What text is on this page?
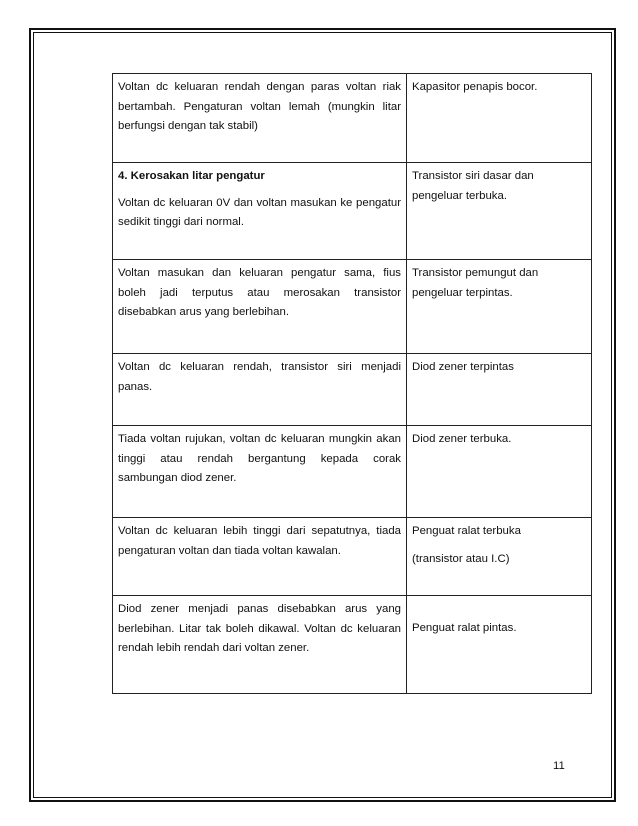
Voltan dc keluaran rendah dengan paras voltan riak bertambah. Pengaturan voltan lemah (mungkin litar berfungsi dengan tak stabil)	Kapasitor penapis bocor.

4. Kerosakan litar pengatur
Voltan dc keluaran 0V dan voltan masukan ke pengatur sedikit tinggi dari normal.	Transistor siri dasar dan pengeluar terbuka.
Voltan masukan dan keluaran pengatur sama, fius boleh jadi terputus atau merosakan transistor disebabkan arus yang berlebihan.	Transistor pemungut dan pengeluar terpintas.
Voltan dc keluaran rendah, transistor siri menjadi panas.	Diod zener terpintas
Tiada voltan rujukan, voltan dc keluaran mungkin akan tinggi atau rendah bergantung kepada corak sambungan diod zener.	Diod zener terbuka.
Voltan dc keluaran lebih tinggi dari sepatutnya, tiada pengaturan voltan dan tiada voltan kawalan.	Penguat ralat terbuka
(transistor atau I.C)

Diod zener menjadi panas disebabkan arus yang berlebihan. Litar tak boleh dikawal. Voltan dc keluaran rendah lebih rendah dari voltan zener.	Penguat ralat pintas.
11
